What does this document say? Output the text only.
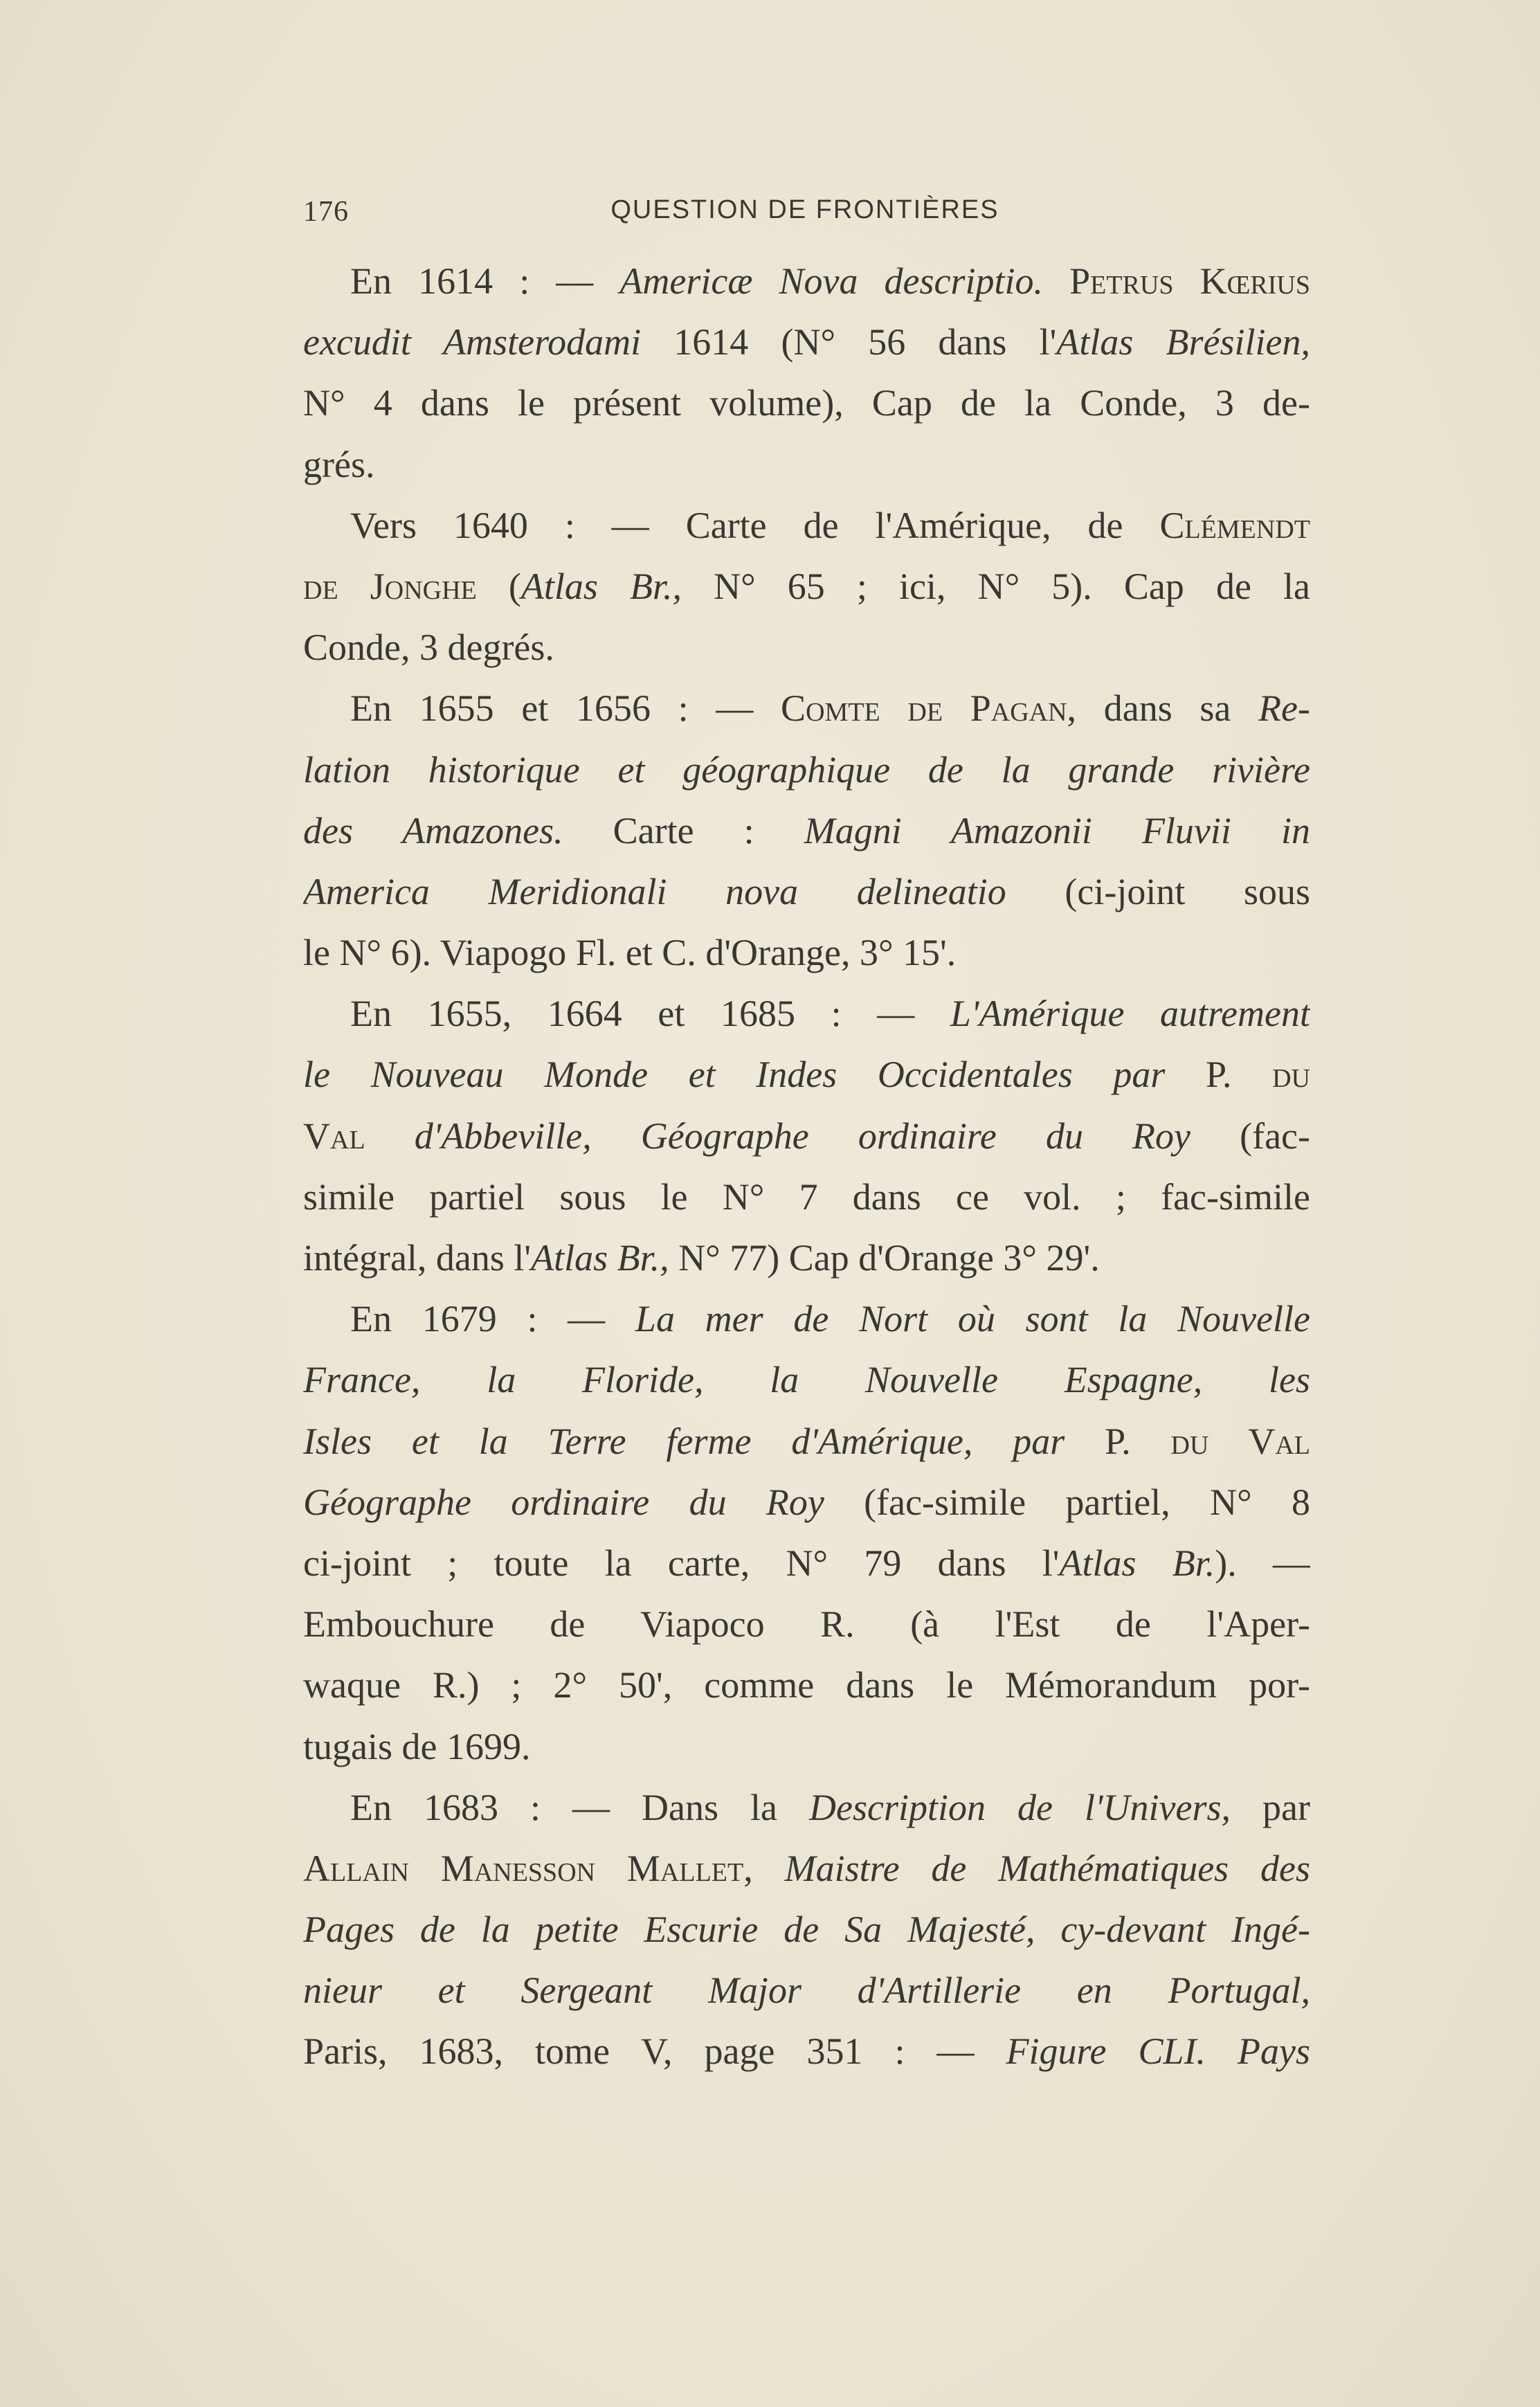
176	QUESTION DE FRONTIÈRES
En 1614 : — Americæ Nova descriptio. Petrus Kœrius
excudit Amsterodami 1614 (N° 56 dans l'Atlas Brésilien,
N° 4 dans le présent volume), Cap de la Conde, 3 de-
grés.
Vers 1640 : — Carte de l'Amérique, de Clémendt
de Jonghe (Atlas Br., N° 65 ; ici, N° 5). Cap de la
Conde, 3 degrés.
En 1655 et 1656 : — Comte de Pagan, dans sa Re-
lation historique et géographique de la grande rivière
des Amazones. Carte : Magni Amazonii Fluvii in
America Meridionali nova delineatio (ci-joint sous
le N° 6). Viapogo Fl. et C. d'Orange, 3° 15'.
En 1655, 1664 et 1685 : — L'Amérique autrement
le Nouveau Monde et Indes Occidentales par P. du
Val d'Abbeville, Géographe ordinaire du Roy (fac-
simile partiel sous le N° 7 dans ce vol. ; fac-simile
intégral, dans l'Atlas Br., N° 77) Cap d'Orange 3° 29'.
En 1679 : — La mer de Nort où sont la Nouvelle
France, la Floride, la Nouvelle Espagne, les
Isles et la Terre ferme d'Amérique, par P. du Val
Géographe ordinaire du Roy (fac-simile partiel, N° 8
ci-joint ; toute la carte, N° 79 dans l'Atlas Br.). —
Embouchure de Viapoco R. (à l'Est de l'Aper-
waque R.) ; 2° 50', comme dans le Mémorandum por-
tugais de 1699.
En 1683 : — Dans la Description de l'Univers, par
Allain Manesson Mallet, Maistre de Mathématiques des
Pages de la petite Escurie de Sa Majesté, cy-devant Ingé-
nieur et Sergeant Major d'Artillerie en Portugal,
Paris, 1683, tome V, page 351 : — Figure CLI. Pays
